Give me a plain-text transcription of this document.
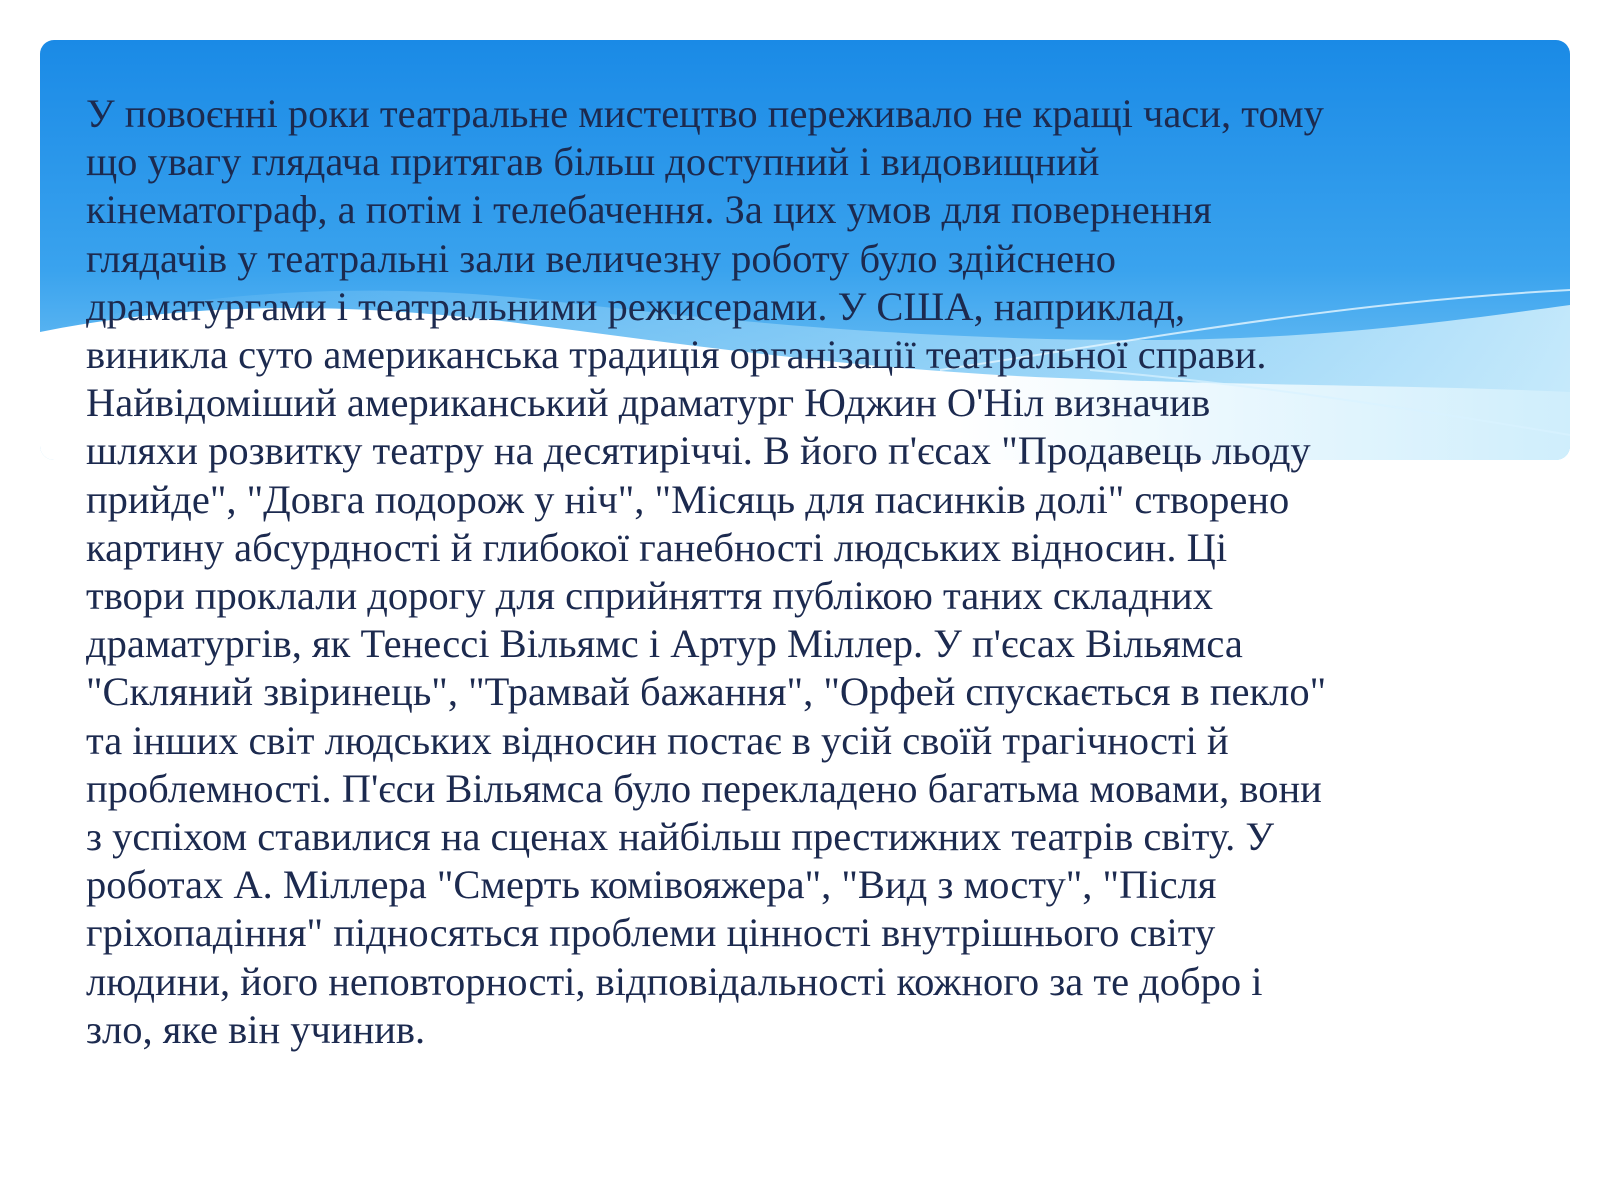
У повоєнні роки театральне мистецтво переживало не кращі часи, тому
що увагу глядача притягав більш доступний і видовищний
кінематограф, а потім і телебачення. За цих умов для повернення
глядачів у театральні зали величезну роботу було здійснено
драматургами і театральними режисерами. У США, наприклад,
виникла суто американська традиція організації театральної справи.
Найвідоміший американський драматург Юджин О'Ніл визначив
шляхи розвитку театру на десятиріччі. В його п'єсах "Продавець льоду
прийде", "Довга подорож у ніч", "Місяць для пасинків долі" створено
картину абсурдності й глибокої ганебності людських відносин. Ці
твори проклали дорогу для сприйняття публікою таних складних
драматургів, як Тенессі Вільямс і Артур Міллер. У п'єсах Вільямса
"Скляний звіринець", "Трамвай бажання", "Орфей спускається в пекло"
та інших світ людських відносин постає в усій своїй трагічності й
проблемності. П'єси Вільямса було перекладено багатьма мовами, вони
з успіхом ставилися на сценах найбільш престижних театрів світу. У
роботах А. Міллера "Смерть комівояжера", "Вид з мосту", "Після
гріхопадіння" підносяться проблеми цінності внутрішнього світу
людини, його неповторності, відповідальності кожного за те добро і
зло, яке він учинив.
